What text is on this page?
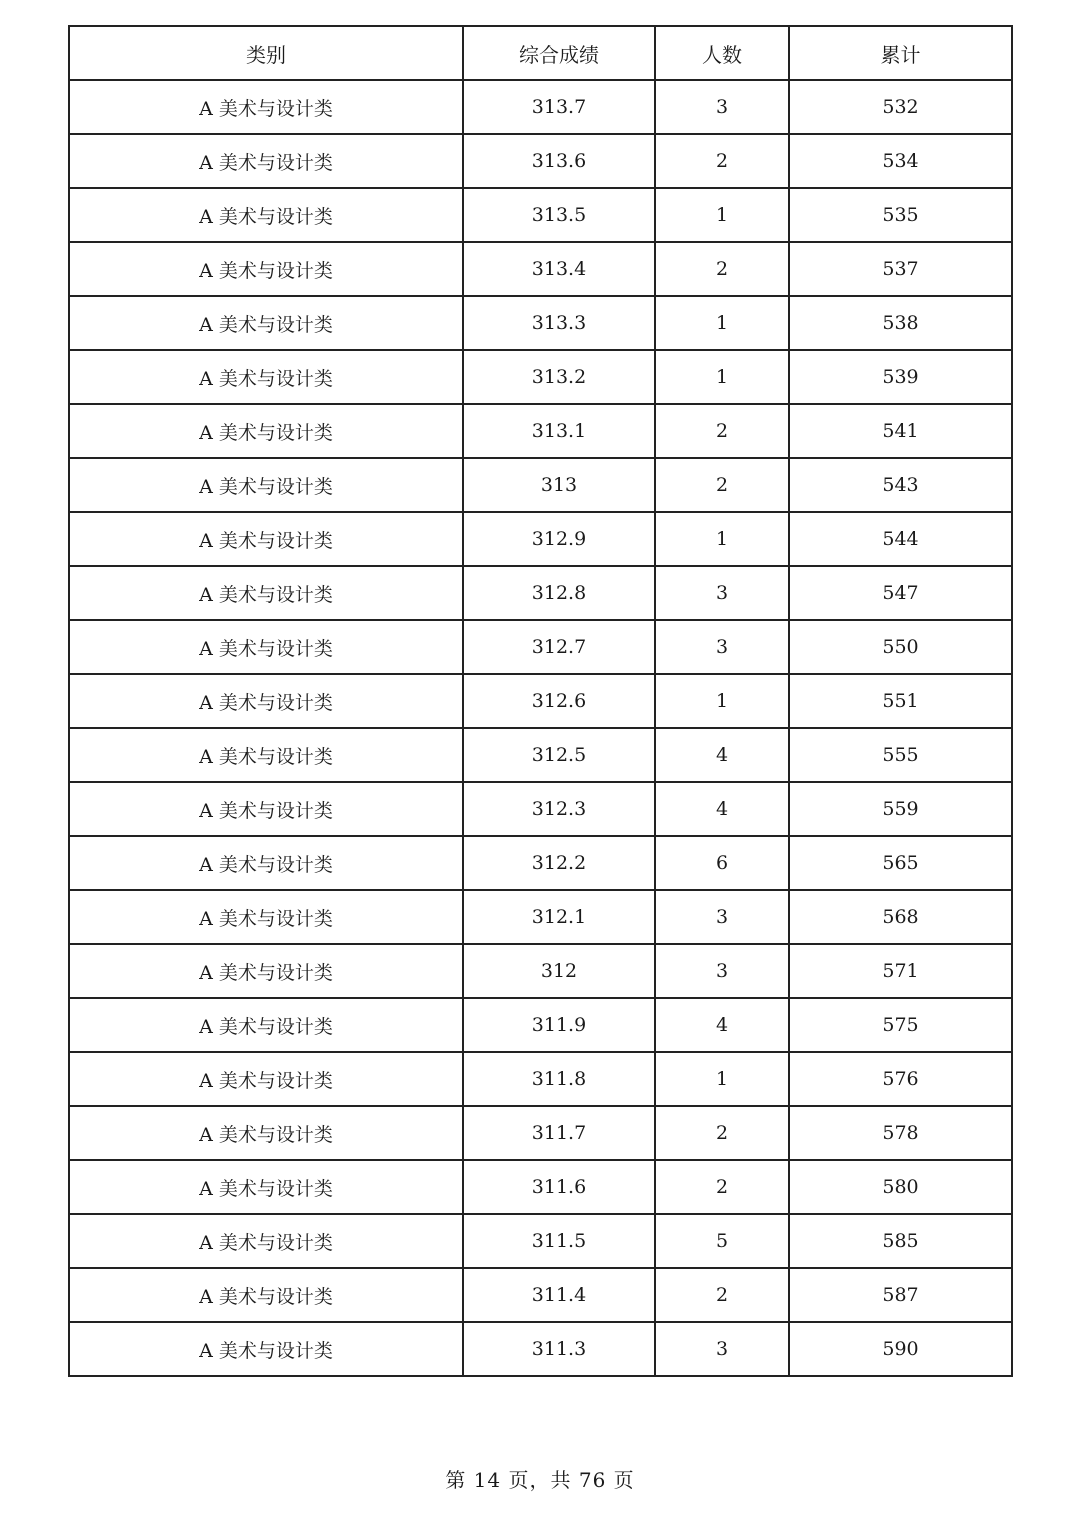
类别	综合成绩	人数	累计
A 美术与设计类	313.7	3	532
A 美术与设计类	313.6	2	534
A 美术与设计类	313.5	1	535
A 美术与设计类	313.4	2	537
A 美术与设计类	313.3	1	538
A 美术与设计类	313.2	1	539
A 美术与设计类	313.1	2	541
A 美术与设计类	313	2	543
A 美术与设计类	312.9	1	544
A 美术与设计类	312.8	3	547
A 美术与设计类	312.7	3	550
A 美术与设计类	312.6	1	551
A 美术与设计类	312.5	4	555
A 美术与设计类	312.3	4	559
A 美术与设计类	312.2	6	565
A 美术与设计类	312.1	3	568
A 美术与设计类	312	3	571
A 美术与设计类	311.9	4	575
A 美术与设计类	311.8	1	576
A 美术与设计类	311.7	2	578
A 美术与设计类	311.6	2	580
A 美术与设计类	311.5	5	585
A 美术与设计类	311.4	2	587
A 美术与设计类	311.3	3	590
第 14 页，共 76 页
